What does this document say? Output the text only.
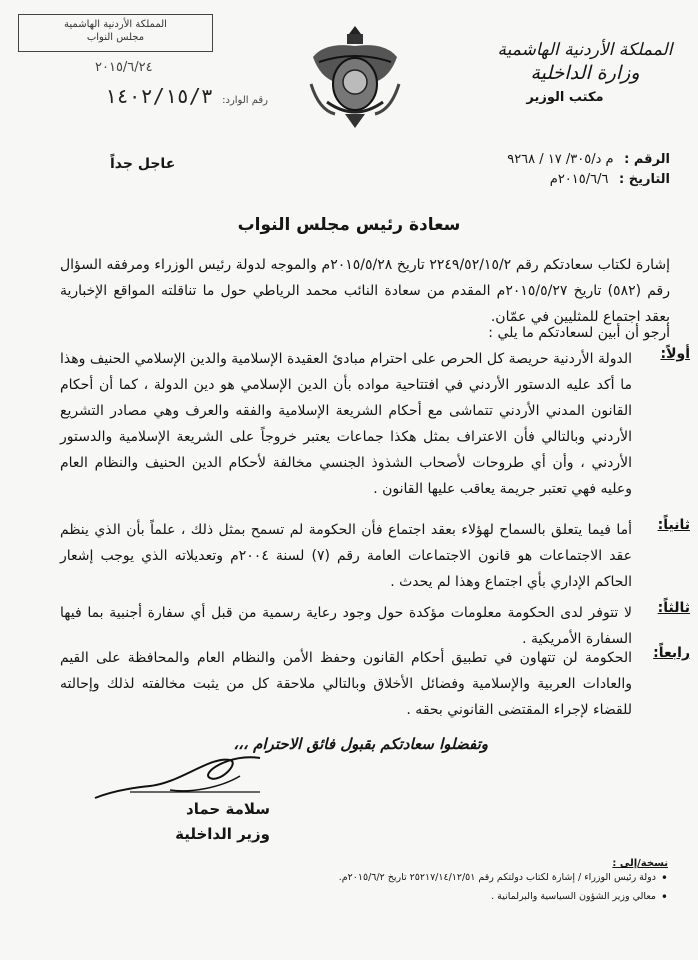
المملكة الأردنية الهاشمية
وزارة الداخلية
مكتب الوزير
المملكة الأردنية الهاشمية
مجلس النواب
٢٠١٥/٦/٢٤
رقم الوارد: ١٤٠٢/١٥/٣
الرقم : م د/٣٠٥/ ١٧ / ٩٢٦٨
التاريخ : ٢٠١٥/٦/٦م
عاجل جداً
سعادة رئيس مجلس النواب
إشارة لكتاب سعادتكم رقم ٢٢٤٩/٥٢/١٥/٢ تاريخ ٢٠١٥/٥/٢٨م والموجه لدولة رئيس الوزراء ومرفقه السؤال رقم (٥٨٢) تاريخ ٢٠١٥/٥/٢٧م المقدم من سعادة النائب محمد الرياطي حول ما تناقلته المواقع الإخبارية بعقد اجتماع للمثليين في عمّان.
أرجو أن أبين لسعادتكم ما يلي :
أولاً:
الدولة الأردنية حريصة كل الحرص على احترام مبادئ العقيدة الإسلامية والدين الإسلامي الحنيف وهذا ما أكد عليه الدستور الأردني في افتتاحية مواده بأن الدين الإسلامي هو دين الدولة ، كما أن أحكام القانون المدني الأردني تتماشى مع أحكام الشريعة الإسلامية والفقه والعرف وهي مصادر التشريع الأردني وبالتالي فأن الاعتراف بمثل هكذا جماعات يعتبر خروجاً على الشريعة الإسلامية والدستور الأردني ، وأن أي طروحات لأصحاب الشذوذ الجنسي مخالفة لأحكام الدين الحنيف والنظام العام وعليه فهي تعتبر جريمة يعاقب عليها القانون .
ثانياً:
أما فيما يتعلق بالسماح لهؤلاء بعقد اجتماع فأن الحكومة لم تسمح بمثل ذلك ، علماً بأن الذي ينظم عقد الاجتماعات هو قانون الاجتماعات العامة رقم (٧) لسنة ٢٠٠٤م وتعديلاته الذي يوجب إشعار الحاكم الإداري بأي اجتماع وهذا لم يحدث .
ثالثاً:
لا تتوفر لدى الحكومة معلومات مؤكدة حول وجود رعاية رسمية من قبل أي سفارة أجنبية بما فيها السفارة الأمريكية .
رابعاً:
الحكومة لن تتهاون في تطبيق أحكام القانون وحفظ الأمن والنظام العام والمحافظة على القيم والعادات العربية والإسلامية وفضائل الأخلاق وبالتالي ملاحقة كل من يثبت مخالفته لذلك وإحالته للقضاء لإجراء المقتضى القانوني بحقه .
وتفضلوا سعادتكم بقبول فائق الاحترام ،،،
سلامة حماد
وزير الداخلية
نسخة/إلى :
• دولة رئيس الوزراء / إشارة لكتاب دولتكم رقم ٢٥٢١٧/١٤/١٢/٥١ تاريخ ٢٠١٥/٦/٢م.
• معالي وزير الشؤون السياسية والبرلمانية .
